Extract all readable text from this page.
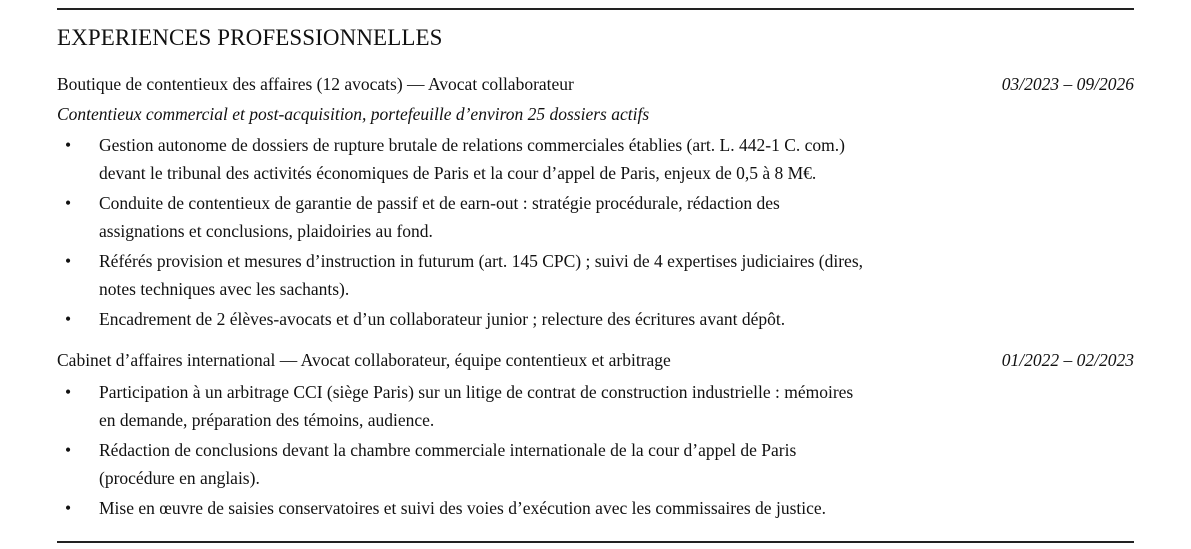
EXPERIENCES PROFESSIONNELLES
Boutique de contentieux des affaires (12 avocats) — Avocat collaborateur	03/2023 – 09/2026
Contentieux commercial et post-acquisition, portefeuille d’environ 25 dossiers actifs
• Gestion autonome de dossiers de rupture brutale de relations commerciales établies (art. L. 442-1 C. com.)
devant le tribunal des activités économiques de Paris et la cour d’appel de Paris, enjeux de 0,5 à 8 M€.
• Conduite de contentieux de garantie de passif et de earn-out : stratégie procédurale, rédaction des
assignations et conclusions, plaidoiries au fond.
• Référés provision et mesures d’instruction in futurum (art. 145 CPC) ; suivi de 4 expertises judiciaires (dires,
notes techniques avec les sachants).
• Encadrement de 2 élèves-avocats et d’un collaborateur junior ; relecture des écritures avant dépôt.
Cabinet d’affaires international — Avocat collaborateur, équipe contentieux et arbitrage	01/2022 – 02/2023
• Participation à un arbitrage CCI (siège Paris) sur un litige de contrat de construction industrielle : mémoires
en demande, préparation des témoins, audience.
• Rédaction de conclusions devant la chambre commerciale internationale de la cour d’appel de Paris
(procédure en anglais).
• Mise en œuvre de saisies conservatoires et suivi des voies d’exécution avec les commissaires de justice.
